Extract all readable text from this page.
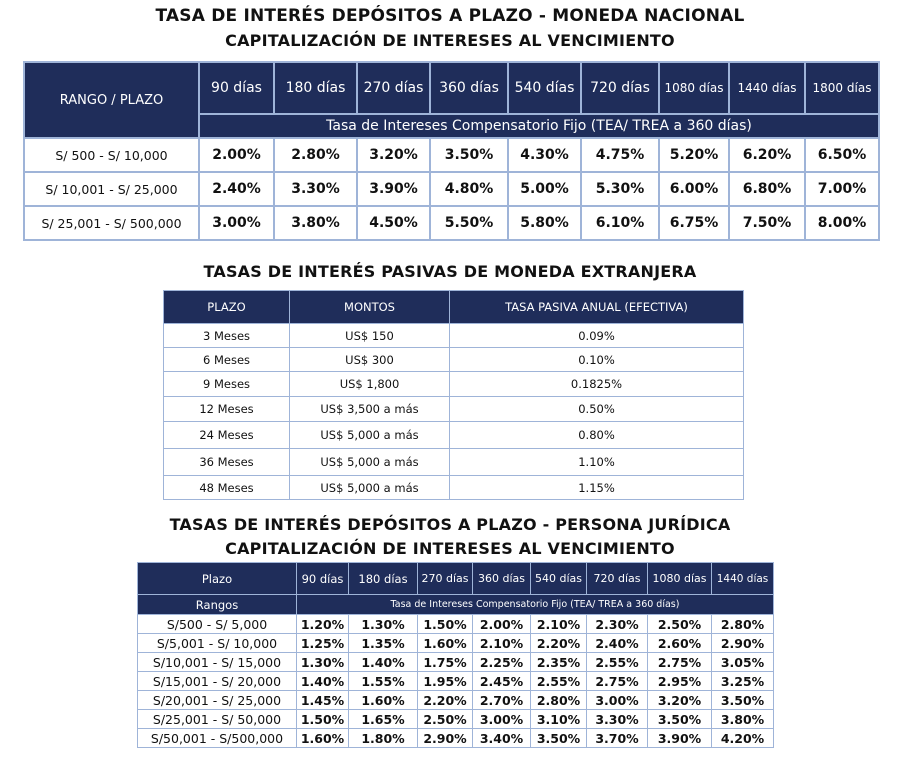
TASA DE INTERÉS DEPÓSITOS A PLAZO - MONEDA NACIONAL
CAPITALIZACIÓN DE INTERESES AL VENCIMIENTO
RANGO / PLAZO	90 días	180 días	270 días	360 días	540 días	720 días	1080 días	1440 días	1800 días
	Tasa de Intereses Compensatorio Fijo (TEA/ TREA a 360 días)								
S/ 500 - S/ 10,000	2.00%	2.80%	3.20%	3.50%	4.30%	4.75%	5.20%	6.20%	6.50%
S/ 10,001 - S/ 25,000	2.40%	3.30%	3.90%	4.80%	5.00%	5.30%	6.00%	6.80%	7.00%
S/ 25,001 - S/ 500,000	3.00%	3.80%	4.50%	5.50%	5.80%	6.10%	6.75%	7.50%	8.00%
TASAS DE INTERÉS PASIVAS DE MONEDA EXTRANJERA
PLAZO	MONTOS	TASA PASIVA ANUAL (EFECTIVA)
3 Meses	US$ 150	0.09%
6 Meses	US$ 300	0.10%
9 Meses	US$ 1,800	0.1825%
12 Meses	US$ 3,500 a más	0.50%
24 Meses	US$ 5,000 a más	0.80%
36 Meses	US$ 5,000 a más	1.10%
48 Meses	US$ 5,000 a más	1.15%
TASAS DE INTERÉS DEPÓSITOS A PLAZO - PERSONA JURÍDICA
CAPITALIZACIÓN DE INTERESES AL VENCIMIENTO
Plazo	90 días	180 días	270 días	360 días	540 días	720 días	1080 días	1440 días
Rangos	Tasa de Intereses Compensatorio Fijo (TEA/ TREA a 360 días)							
S/500 - S/ 5,000	1.20%	1.30%	1.50%	2.00%	2.10%	2.30%	2.50%	2.80%
S/5,001 - S/ 10,000	1.25%	1.35%	1.60%	2.10%	2.20%	2.40%	2.60%	2.90%
S/10,001 - S/ 15,000	1.30%	1.40%	1.75%	2.25%	2.35%	2.55%	2.75%	3.05%
S/15,001 - S/ 20,000	1.40%	1.55%	1.95%	2.45%	2.55%	2.75%	2.95%	3.25%
S/20,001 - S/ 25,000	1.45%	1.60%	2.20%	2.70%	2.80%	3.00%	3.20%	3.50%
S/25,001 - S/ 50,000	1.50%	1.65%	2.50%	3.00%	3.10%	3.30%	3.50%	3.80%
S/50,001 - S/500,000	1.60%	1.80%	2.90%	3.40%	3.50%	3.70%	3.90%	4.20%
